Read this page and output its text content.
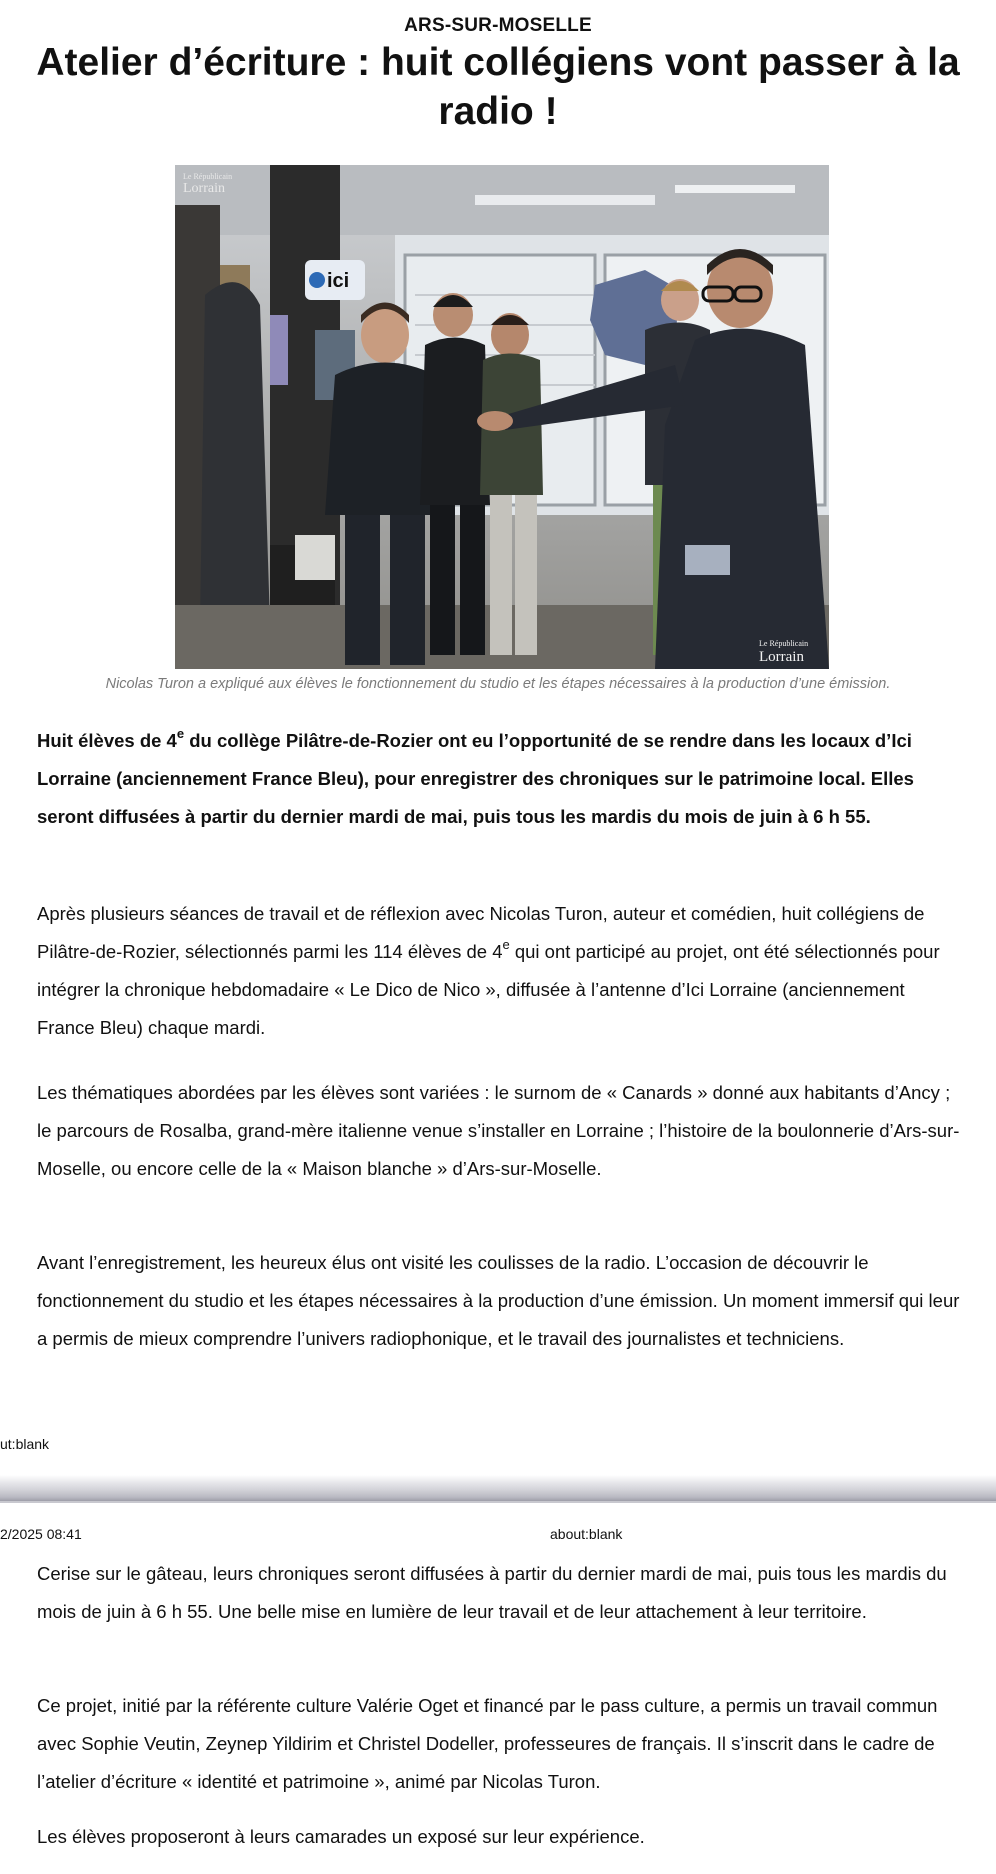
ARS-SUR-MOSELLE
Atelier d’écriture : huit collégiens vont passer à la radio !
ici
Le Républicain
Lorrain
Le Républicain
Lorrain
Nicolas Turon a expliqué aux élèves le fonctionnement du studio et les étapes nécessaires à la production d’une émission.

Huit élèves de 4e du collège Pilâtre-de-Rozier ont eu l’opportunité de se rendre dans les locaux d’Ici Lorraine (anciennement France Bleu), pour enregistrer des chroniques sur le patrimoine local. Elles seront diffusées à partir du dernier mardi de mai, puis tous les mardis du mois de juin à 6 h 55.

Après plusieurs séances de travail et de réflexion avec Nicolas Turon, auteur et comédien, huit collégiens de Pilâtre-de-Rozier, sélectionnés parmi les 114 élèves de 4e qui ont participé au projet, ont été sélectionnés pour intégrer la chronique hebdomadaire « Le Dico de Nico », diffusée à l’antenne d’Ici Lorraine (anciennement France Bleu) chaque mardi.

Les thématiques abordées par les élèves sont variées : le surnom de « Canards » donné aux habitants d’Ancy ; le parcours de Rosalba, grand-mère italienne venue s’installer en Lorraine ; l’histoire de la boulonnerie d’Ars-sur-Moselle, ou encore celle de la « Maison blanche » d’Ars-sur-Moselle.

Avant l’enregistrement, les heureux élus ont visité les coulisses de la radio. L’occasion de découvrir le fonctionnement du studio et les étapes nécessaires à la production d’une émission. Un moment immersif qui leur a permis de mieux comprendre l’univers radiophonique, et le travail des journalistes et techniciens.

ut:blank
2/2025 08:41	about:blank

Cerise sur le gâteau, leurs chroniques seront diffusées à partir du dernier mardi de mai, puis tous les mardis du mois de juin à 6 h 55. Une belle mise en lumière de leur travail et de leur attachement à leur territoire.

Ce projet, initié par la référente culture Valérie Oget et financé par le pass culture, a permis un travail commun avec Sophie Veutin, Zeynep Yildirim et Christel Dodeller, professeures de français. Il s’inscrit dans le cadre de l’atelier d’écriture « identité et patrimoine », animé par Nicolas Turon.

Les élèves proposeront à leurs camarades un exposé sur leur expérience.
